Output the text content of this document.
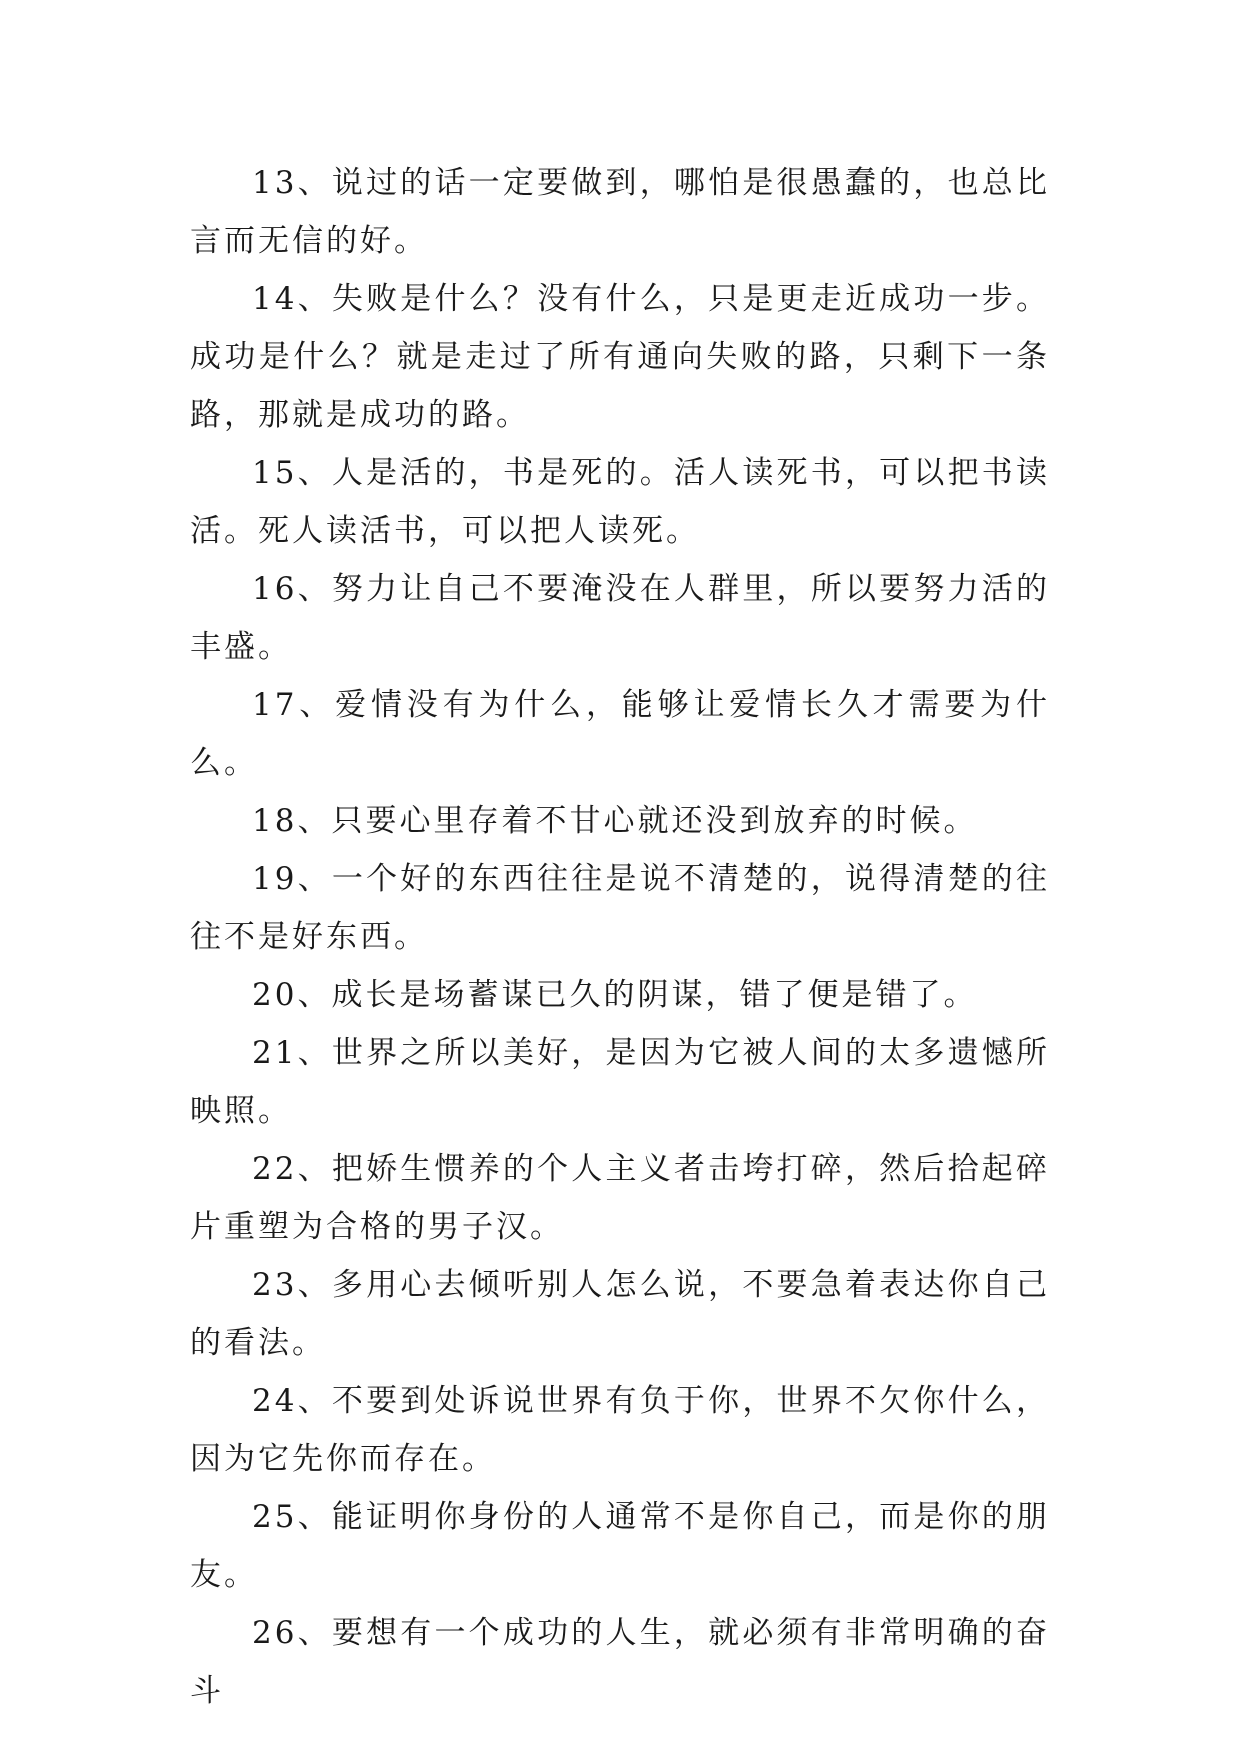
13、说过的话一定要做到，哪怕是很愚蠢的，也总比言而无信的好。

14、失败是什么？没有什么，只是更走近成功一步。成功是什么？就是走过了所有通向失败的路，只剩下一条路，那就是成功的路。

15、人是活的，书是死的。活人读死书，可以把书读活。死人读活书，可以把人读死。

16、努力让自己不要淹没在人群里，所以要努力活的丰盛。

17、爱情没有为什么，能够让爱情长久才需要为什么。

18、只要心里存着不甘心就还没到放弃的时候。

19、一个好的东西往往是说不清楚的，说得清楚的往往不是好东西。

20、成长是场蓄谋已久的阴谋，错了便是错了。

21、世界之所以美好，是因为它被人间的太多遗憾所映照。

22、把娇生惯养的个人主义者击垮打碎，然后拾起碎片重塑为合格的男子汉。

23、多用心去倾听别人怎么说，不要急着表达你自己的看法。

24、不要到处诉说世界有负于你，世界不欠你什么，因为它先你而存在。

25、能证明你身份的人通常不是你自己，而是你的朋友。

26、要想有一个成功的人生，就必须有非常明确的奋斗
